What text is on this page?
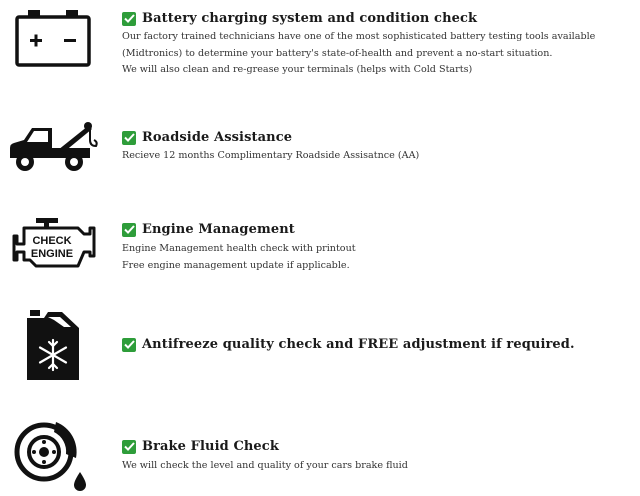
Battery charging system and condition check

Our factory trained technicians have one of the most sophisticated battery testing tools available (Midtronics) to determine your battery's state-of-health and prevent a no-start situation.

We will also clean and re-grease your terminals (helps with Cold Starts)

Roadside Assistance

Recieve 12 months Complimentary Roadside Assisatnce (AA)

CHECK
ENGINE
Engine Management

Engine Management health check with printout

Free engine management update if applicable.

Antifreeze quality check and FREE adjustment if required.
Brake Fluid Check

We will check the level and quality of your cars brake fluid
